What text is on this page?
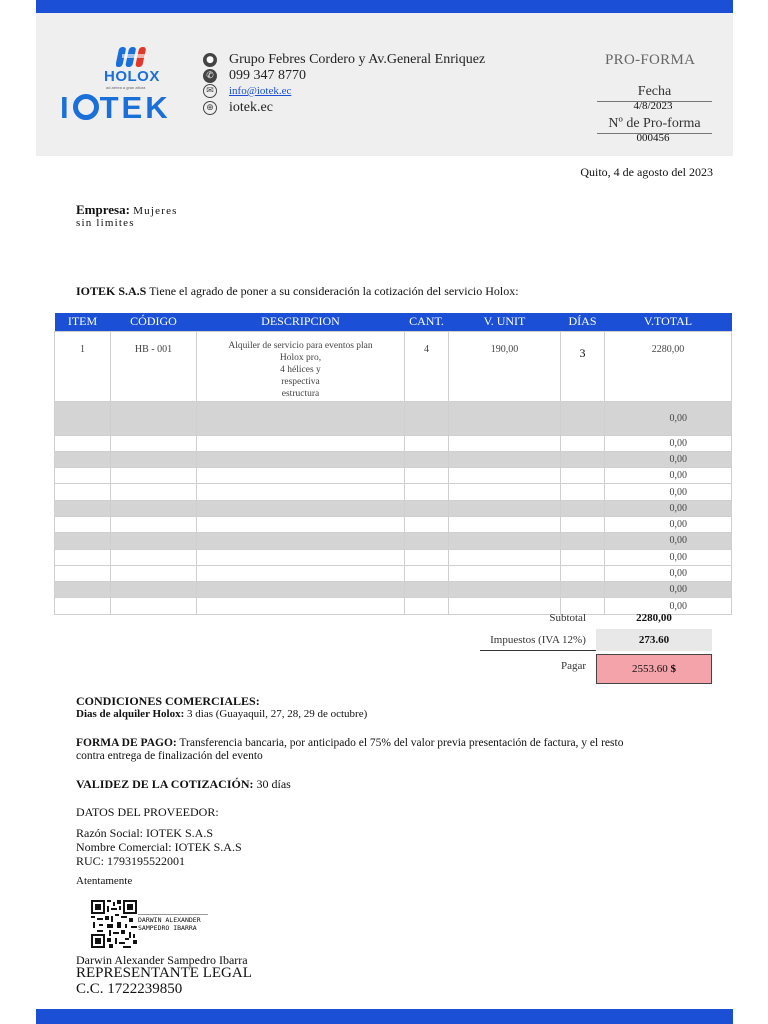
HOLOX
ad aérea a gran altura
I TEK
● Grupo Febres Cordero y Av.General Enriquez
✆ 099 347 8770
✉ info@iotek.ec
⊕ iotek.ec
PRO-FORMA
Fecha
4/8/2023
Nº de Pro-forma
000456
Quito, 4 de agosto del 2023
Empresa: Mujeres
sin limites
IOTEK S.A.S Tiene el agrado de poner a su consideración la cotización del servicio Holox:
ITEM	CÓDIGO	DESCRIPCION	CANT.	V. UNIT	DÍAS	V.TOTAL
1	HB - 001	Alquiler de servicio para eventos plan
Holox pro,
4 hélices y
respectiva
estructura	4	190,00	3	2280,00
						0,00
						0,00
						0,00
						0,00
						0,00
						0,00
						0,00
						0,00
						0,00
						0,00
						0,00
						0,00
Subtotal	2280,00
Impuestos (IVA 12%)	273.60
Pagar	2553.60 $
CONDICIONES COMERCIALES:
Dias de alquiler Holox: 3 dias (Guayaquil, 27, 28, 29 de octubre)
FORMA DE PAGO: Transferencia bancaria, por anticipado el 75% del valor previa presentación de factura, y el resto
contra entrega de finalización del evento
VALIDEZ DE LA COTIZACIÓN: 30 días
DATOS DEL PROVEEDOR:
Razón Social: IOTEK S.A.S
Nombre Comercial: IOTEK S.A.S
RUC: 1793195522001
Atentamente
DARWIN ALEXANDER
SAMPEDRO IBARRA
Darwin Alexander Sampedro Ibarra
REPRESENTANTE LEGAL
C.C. 1722239850
